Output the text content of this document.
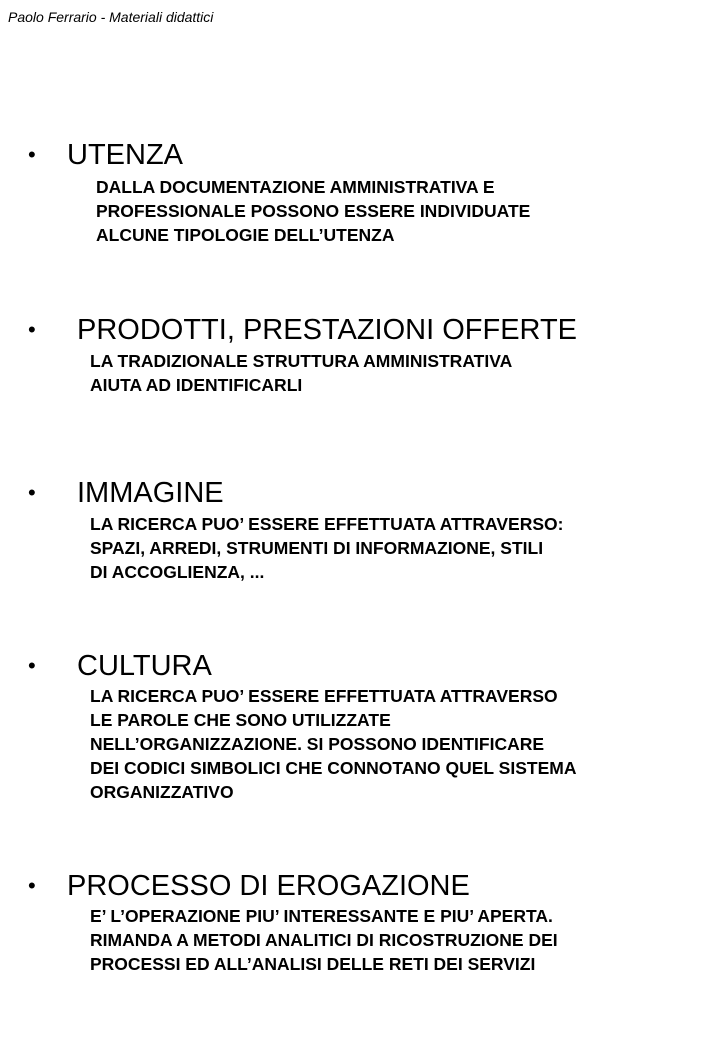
Paolo Ferrario - Materiali didattici
• UTENZA
DALLA DOCUMENTAZIONE AMMINISTRATIVA E
PROFESSIONALE POSSONO ESSERE INDIVIDUATE
ALCUNE TIPOLOGIE DELL’UTENZA
• PRODOTTI, PRESTAZIONI OFFERTE
LA TRADIZIONALE STRUTTURA AMMINISTRATIVA
AIUTA AD IDENTIFICARLI
• IMMAGINE
LA RICERCA PUO’ ESSERE EFFETTUATA ATTRAVERSO:
SPAZI, ARREDI, STRUMENTI DI INFORMAZIONE, STILI
DI ACCOGLIENZA, ...
• CULTURA
LA RICERCA PUO’ ESSERE EFFETTUATA ATTRAVERSO
LE PAROLE CHE SONO UTILIZZATE
NELL’ORGANIZZAZIONE. SI POSSONO IDENTIFICARE
DEI CODICI SIMBOLICI CHE CONNOTANO QUEL SISTEMA
ORGANIZZATIVO
• PROCESSO DI EROGAZIONE
E’ L’OPERAZIONE PIU’ INTERESSANTE E PIU’ APERTA.
RIMANDA A METODI ANALITICI DI RICOSTRUZIONE DEI
PROCESSI ED ALL’ANALISI DELLE RETI DEI SERVIZI
